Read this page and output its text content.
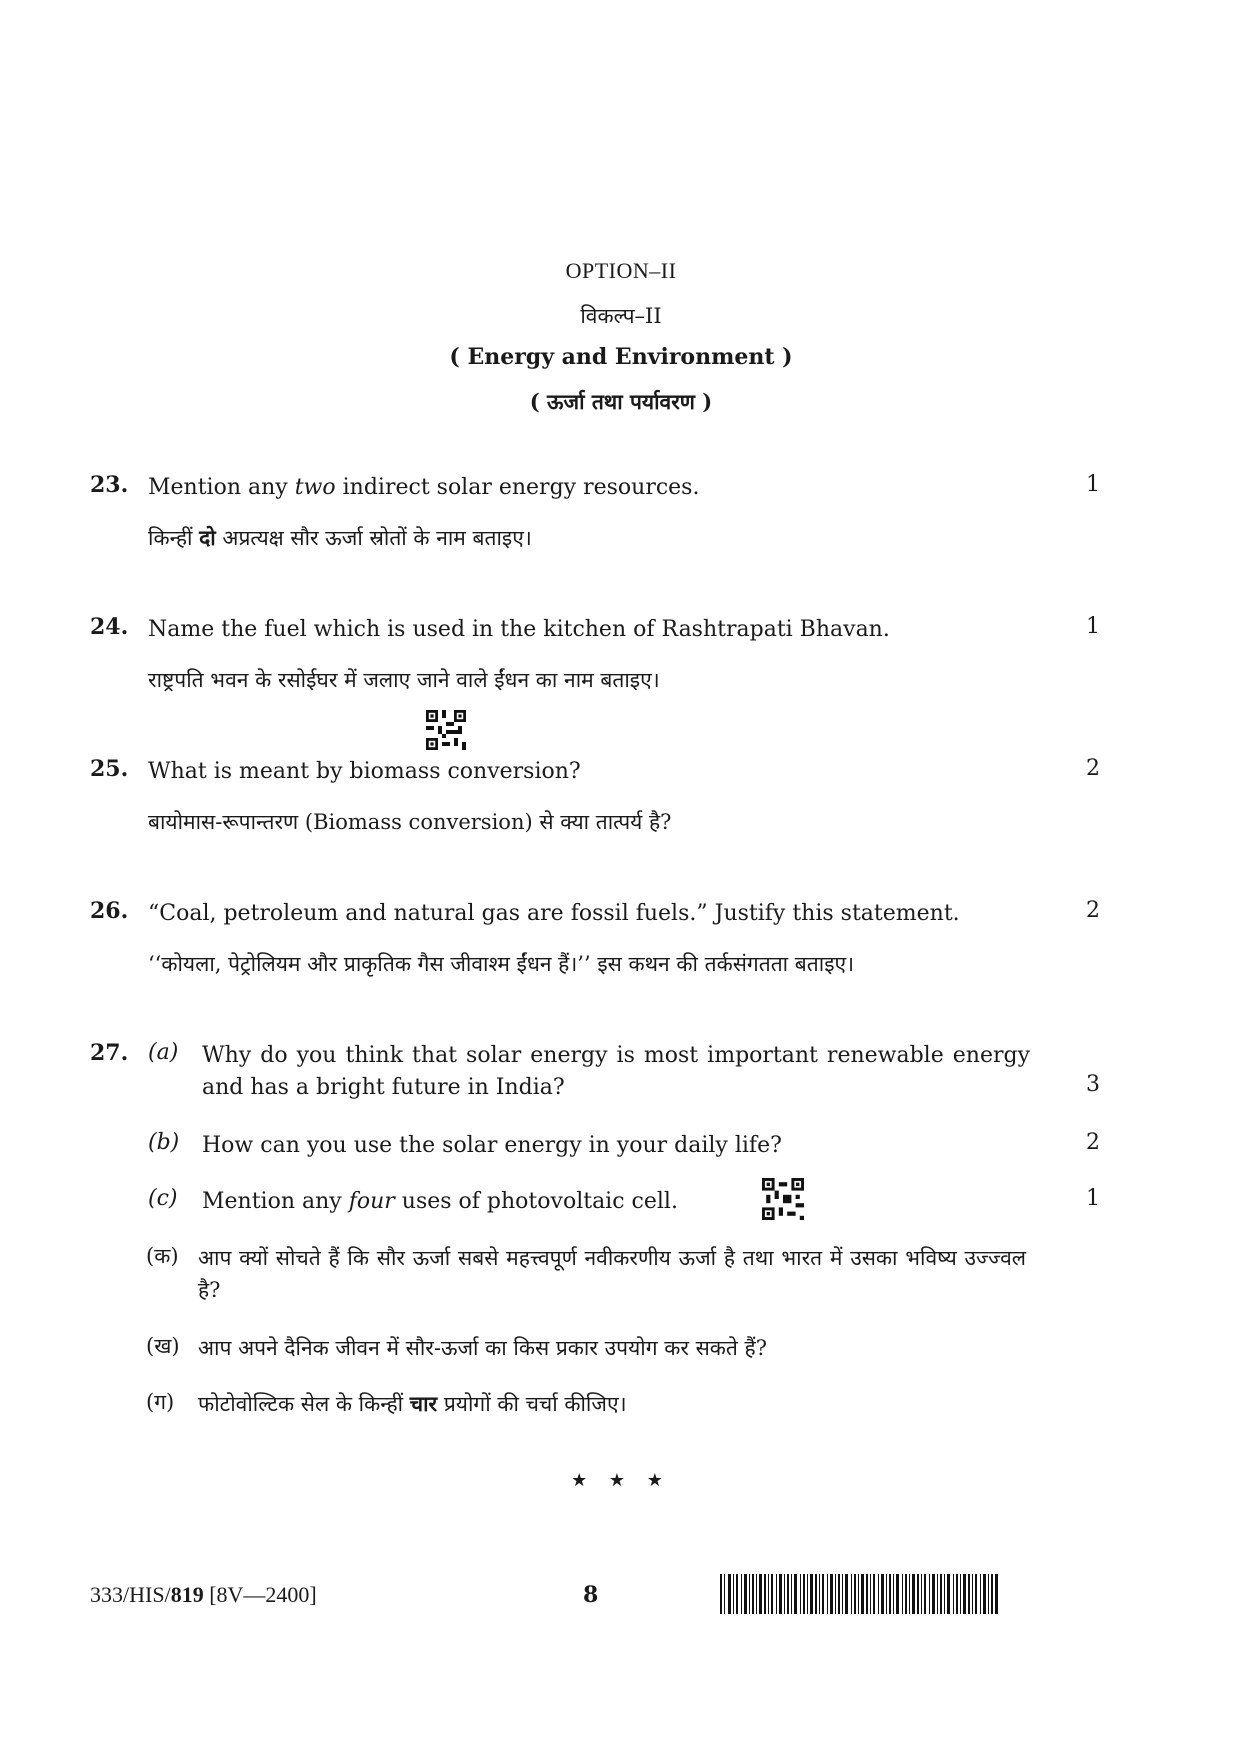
OPTION–II
विकल्प–II
( Energy and Environment )
( ऊर्जा तथा पर्यावरण )
23. Mention any two indirect solar energy resources.	1
किन्हीं दो अप्रत्यक्ष सौर ऊर्जा स्रोतों के नाम बताइए।
24. Name the fuel which is used in the kitchen of Rashtrapati Bhavan.	1
राष्ट्रपति भवन के रसोईघर में जलाए जाने वाले ईंधन का नाम बताइए।
25. What is meant by biomass conversion?	2
बायोमास-रूपान्तरण (Biomass conversion) से क्या तात्पर्य है?
26. “Coal, petroleum and natural gas are fossil fuels.” Justify this statement.	2
‘‘कोयला, पेट्रोलियम और प्राकृतिक गैस जीवाश्म ईंधन हैं।’’ इस कथन की तर्कसंगतता बताइए।
27. (a)	Why do you think that solar energy is most important renewable energy and has a bright future in India?	3
(b)	How can you use the solar energy in your daily life?	2
(c)	Mention any four uses of photovoltaic cell.	1
(क) आप क्यों सोचते हैं कि सौर ऊर्जा सबसे महत्त्वपूर्ण नवीकरणीय ऊर्जा है तथा भारत में उसका भविष्य उज्ज्वल है?
(ख) आप अपने दैनिक जीवन में सौर-ऊर्जा का किस प्रकार उपयोग कर सकते हैं?
(ग)	फोटोवोल्टिक सेल के किन्हीं चार प्रयोगों की चर्चा कीजिए।
★ ★ ★
333/HIS/819 [8V—2400]	8
